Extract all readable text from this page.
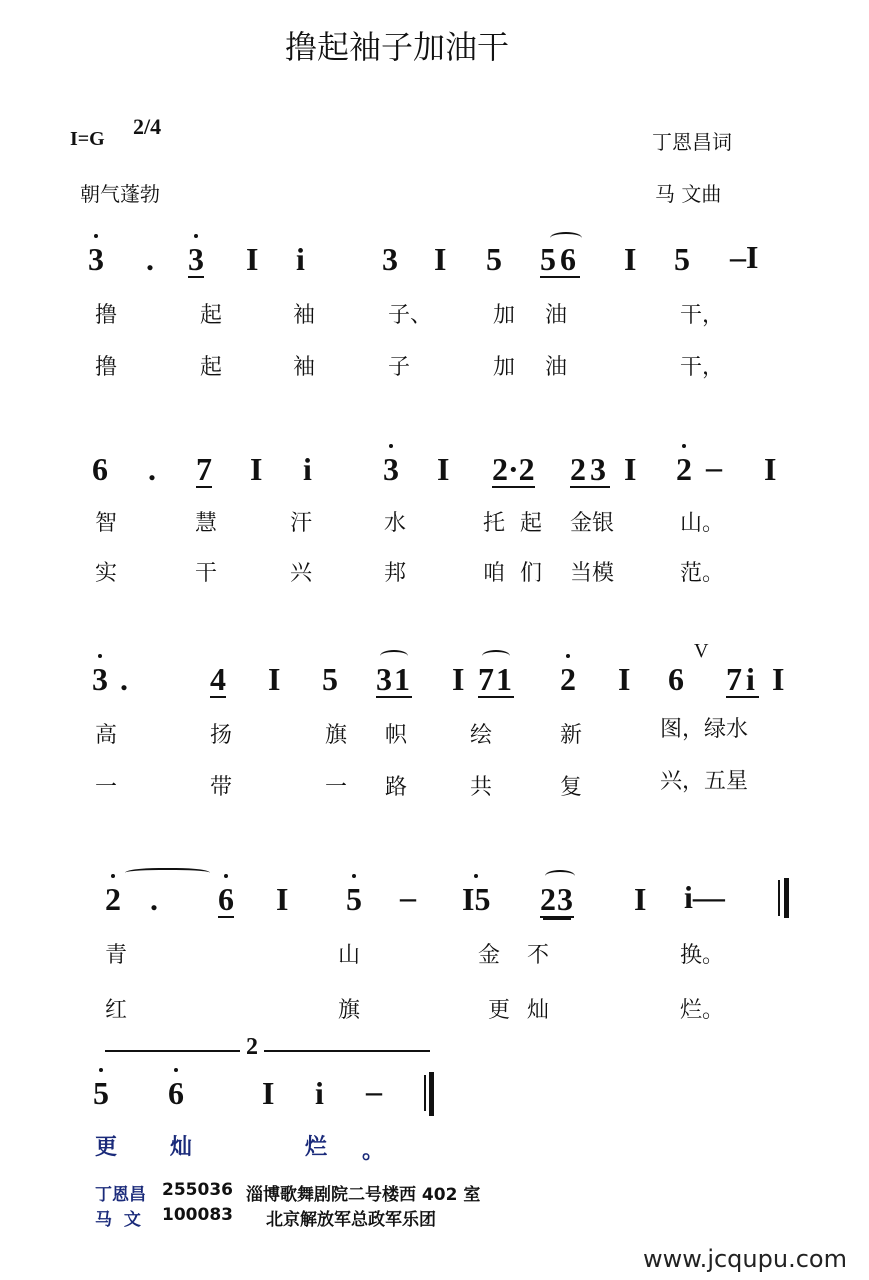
撸起袖子加油干
I=G 2/4
丁恩昌词
朝气蓬勃	马 文曲
3 . 3 I i 3 I 5 56 I 5 –I
撸	起	袖	子、	加 油	干，
撸	起	袖	子	加 油	干，
6 . 7 I i 3 I 2·2 23 I 2 – I
智	慧	汗	水	托 起 金银	山。
实	干	兴	邦	咱 们 当模	范。
3 .	4 I 5 31 I 71 2 I 6
V
7i I
高	扬	旗 帜	绘	新	图，绿水
一	带	一 路	共	复	兴，五星
2 . 6 I 5 – I5 23 I i—
青	山	金 不	换。
红	旗	更 灿	烂。
2
5 6 I i –
更 灿	烂 。
丁恩昌 255036 淄博歌舞剧院二号楼西 402 室
马  文 100083 北京解放军总政军乐团
www.jcqupu.com
